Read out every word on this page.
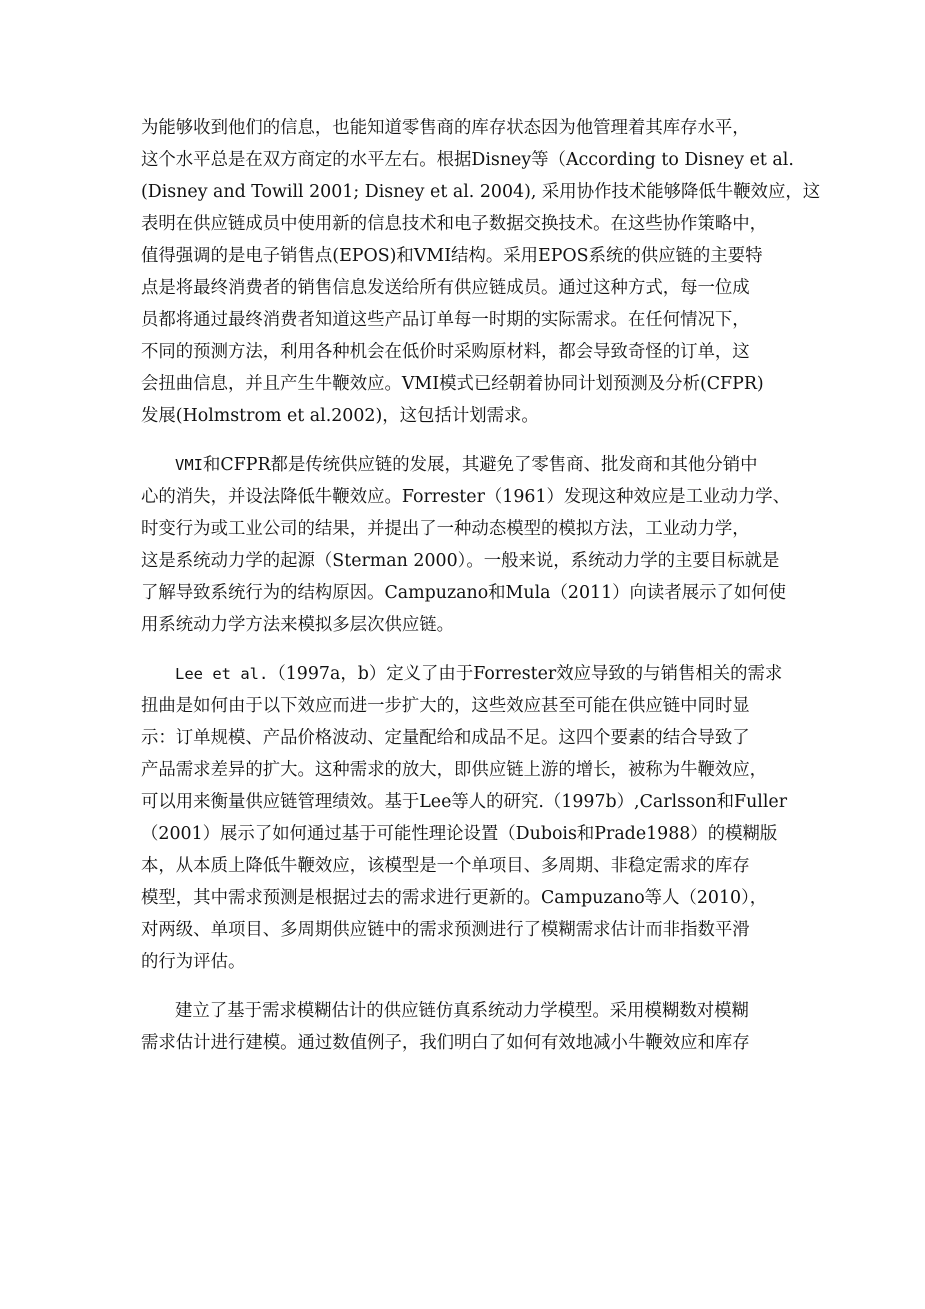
为能够收到他们的信息，也能知道零售商的库存状态因为他管理着其库存水平，
这个水平总是在双方商定的水平左右。根据Disney等（According to Disney et al.
(Disney and Towill 2001; Disney et al. 2004), 采用协作技术能够降低牛鞭效应，这
表明在供应链成员中使用新的信息技术和电子数据交换技术。在这些协作策略中，
值得强调的是电子销售点(EPOS)和VMI结构。采用EPOS系统的供应链的主要特
点是将最终消费者的销售信息发送给所有供应链成员。通过这种方式，每一位成
员都将通过最终消费者知道这些产品订单每一时期的实际需求。在任何情况下，
不同的预测方法，利用各种机会在低价时采购原材料，都会导致奇怪的订单，这
会扭曲信息，并且产生牛鞭效应。VMI模式已经朝着协同计划预测及分析(CFPR)
发展(Holmstrom et al.2002)，这包括计划需求。
VMI和CFPR都是传统供应链的发展，其避免了零售商、批发商和其他分销中
心的消失，并设法降低牛鞭效应。Forrester（1961）发现这种效应是工业动力学、
时变行为或工业公司的结果，并提出了一种动态模型的模拟方法，工业动力学，
这是系统动力学的起源（Sterman 2000）。一般来说，系统动力学的主要目标就是
了解导致系统行为的结构原因。Campuzano和Mula（2011）向读者展示了如何使
用系统动力学方法来模拟多层次供应链。
Lee et al.（1997a，b）定义了由于Forrester效应导致的与销售相关的需求
扭曲是如何由于以下效应而进一步扩大的，这些效应甚至可能在供应链中同时显
示：订单规模、产品价格波动、定量配给和成品不足。这四个要素的结合导致了
产品需求差异的扩大。这种需求的放大，即供应链上游的增长，被称为牛鞭效应，
可以用来衡量供应链管理绩效。基于Lee等人的研究.（1997b）,Carlsson和Fuller
（2001）展示了如何通过基于可能性理论设置（Dubois和Prade1988）的模糊版
本，从本质上降低牛鞭效应，该模型是一个单项目、多周期、非稳定需求的库存
模型，其中需求预测是根据过去的需求进行更新的。Campuzano等人（2010），
对两级、单项目、多周期供应链中的需求预测进行了模糊需求估计而非指数平滑
的行为评估。
建立了基于需求模糊估计的供应链仿真系统动力学模型。采用模糊数对模糊
需求估计进行建模。通过数值例子，我们明白了如何有效地减小牛鞭效应和库存
